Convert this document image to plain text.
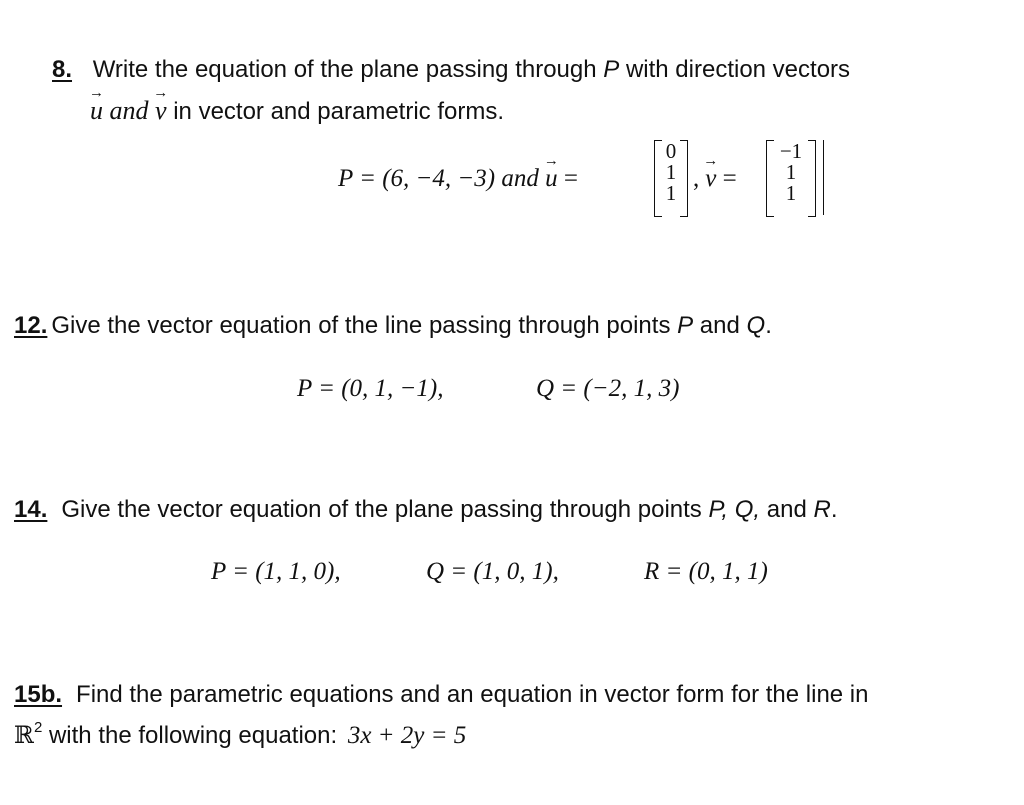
8. Write the equation of the plane passing through P with direction vectors
→ u and → v in vector and parametric forms.
P = (6, −4, −3) and → u =
0
1
1
,→ v =
−1
1
1
12. Give the vector equation of the line passing through points P and Q.
P = (0, 1, −1),	Q = (−2, 1, 3)
14. Give the vector equation of the plane passing through points P, Q, and R.
P = (1, 1, 0),	Q = (1, 0, 1),	R = (0, 1, 1)
15b. Find the parametric equations and an equation in vector form for the line in
ℝ$^2$ with the following equation: 3x + 2y = 5
